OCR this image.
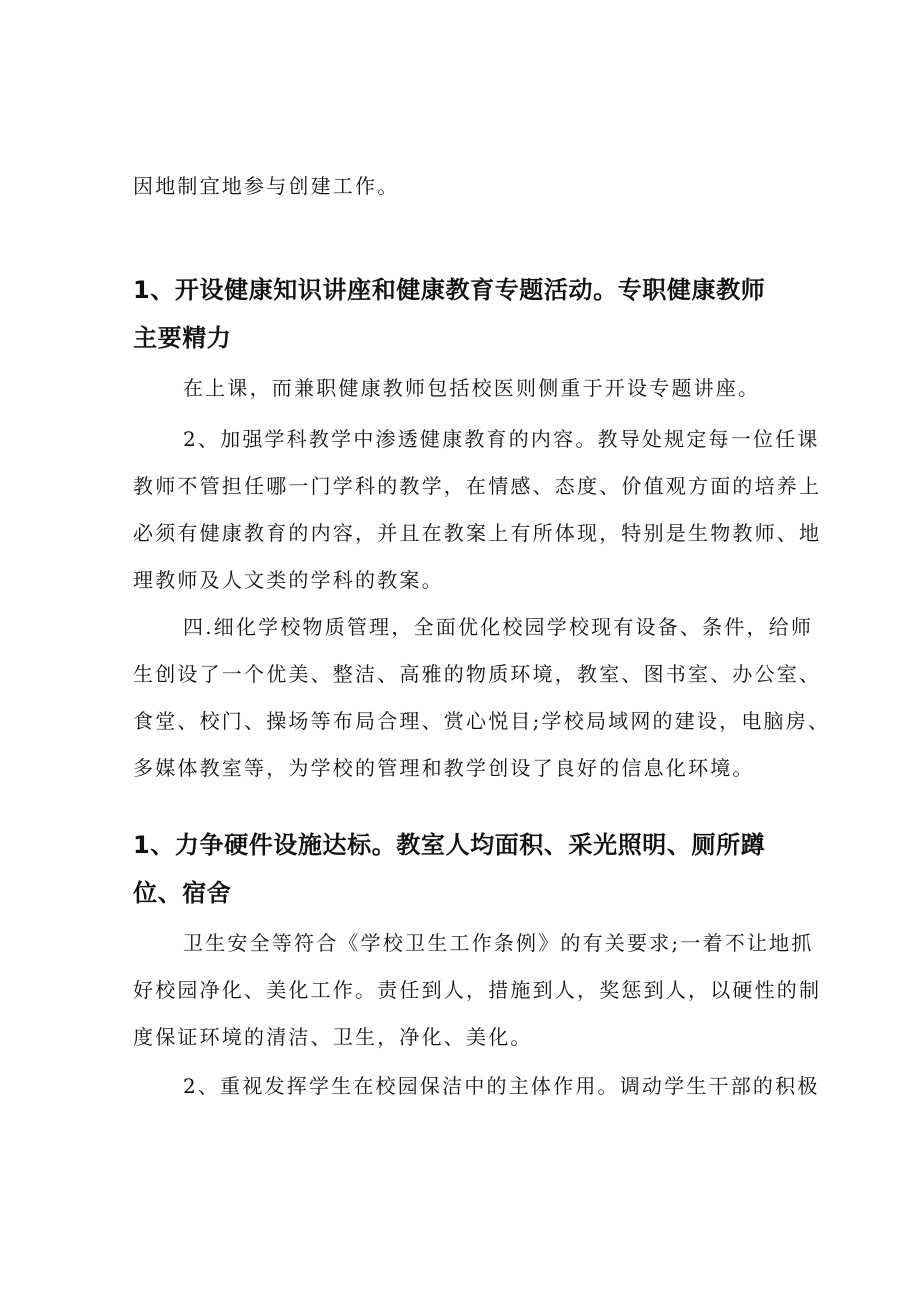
因地制宜地参与创建工作。

1、开设健康知识讲座和健康教育专题活动。专职健康教师

主要精力

在上课，而兼职健康教师包括校医则侧重于开设专题讲座。

2、加强学科教学中渗透健康教育的内容。教导处规定每一位任课

教师不管担任哪一门学科的教学，在情感、态度、价值观方面的培养上

必须有健康教育的内容，并且在教案上有所体现，特别是生物教师、地

理教师及人文类的学科的教案。

四.细化学校物质管理，全面优化校园学校现有设备、条件，给师

生创设了一个优美、整洁、高雅的物质环境，教室、图书室、办公室、

食堂、校门、操场等布局合理、赏心悦目;学校局域网的建设，电脑房、

多媒体教室等，为学校的管理和教学创设了良好的信息化环境。

1、力争硬件设施达标。教室人均面积、采光照明、厕所蹲

位、宿舍

卫生安全等符合《学校卫生工作条例》的有关要求;一着不让地抓

好校园净化、美化工作。责任到人，措施到人，奖惩到人，以硬性的制

度保证环境的清洁、卫生，净化、美化。

2、重视发挥学生在校园保洁中的主体作用。调动学生干部的积极
